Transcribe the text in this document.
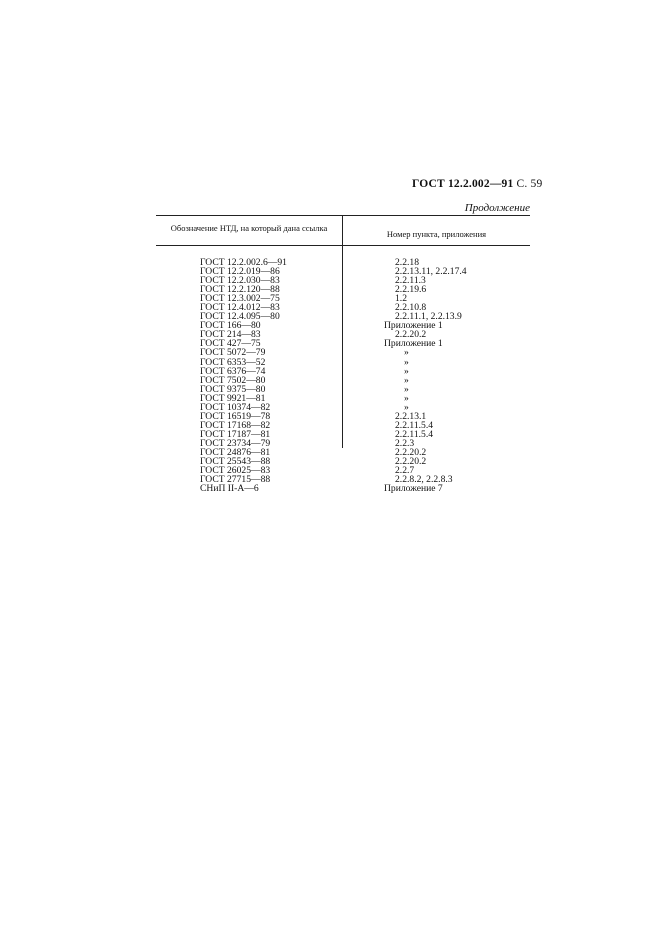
ГОСТ 12.2.002—91 С. 59
Продолжение
Обозначение НТД, на который дана ссылка
Номер пункта, приложения
ГОСТ 12.2.002.6—91
ГОСТ 12.2.019—86
ГОСТ 12.2.030—83
ГОСТ 12.2.120—88
ГОСТ 12.3.002—75
ГОСТ 12.4.012—83
ГОСТ 12.4.095—80
ГОСТ 166—80
ГОСТ 214—83
ГОСТ 427—75
ГОСТ 5072—79
ГОСТ 6353—52
ГОСТ 6376—74
ГОСТ 7502—80
ГОСТ 9375—80
ГОСТ 9921—81
ГОСТ 10374—82
ГОСТ 16519—78
ГОСТ 17168—82
ГОСТ 17187—81
ГОСТ 23734—79
ГОСТ 24876—81
ГОСТ 25543—88
ГОСТ 26025—83
ГОСТ 27715—88
СНиП II-А—6
2.2.18
2.2.13.11, 2.2.17.4
2.2.11.3
2.2.19.6
1.2
2.2.10.8
2.2.11.1, 2.2.13.9
Приложение 1
2.2.20.2
Приложение 1
»
»
»
»
»
»
»
2.2.13.1
2.2.11.5.4
2.2.11.5.4
2.2.3
2.2.20.2
2.2.20.2
2.2.7
2.2.8.2, 2.2.8.3
Приложение 7
